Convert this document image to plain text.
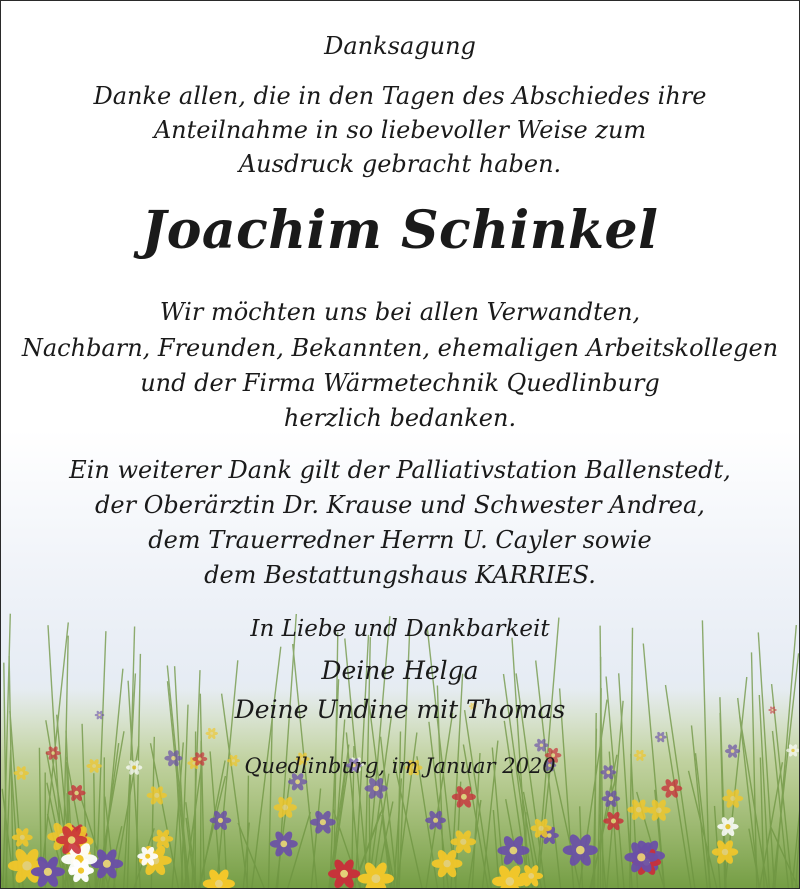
Danksagung
Danke allen, die in den Tagen des Abschiedes ihre
Anteilnahme in so liebevoller Weise zum
Ausdruck gebracht haben.
Joachim Schinkel
Wir möchten uns bei allen Verwandten,
Nachbarn, Freunden, Bekannten, ehemaligen Arbeitskollegen
und der Firma Wärmetechnik Quedlinburg
herzlich bedanken.
Ein weiterer Dank gilt der Palliativstation Ballenstedt,
der Oberärztin Dr. Krause und Schwester Andrea,
dem Trauerredner Herrn U. Cayler sowie
dem Bestattungshaus KARRIES.
In Liebe und Dankbarkeit
Deine Helga
Deine Undine mit Thomas
Quedlinburg, im Januar 2020
